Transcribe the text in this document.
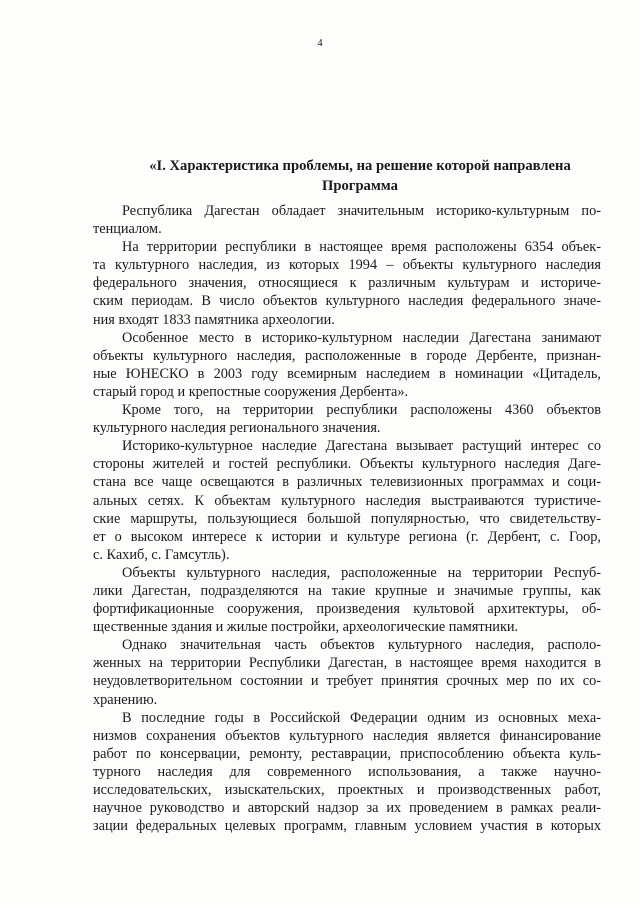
4
«I. Характеристика проблемы, на решение которой направлена
Программа
Республика Дагестан обладает значительным историко-культурным по-
тенциалом.
На территории республики в настоящее время расположены 6354 объек-
та культурного наследия, из которых 1994 – объекты культурного наследия
федерального значения, относящиеся к различным культурам и историче-
ским периодам. В число объектов культурного наследия федерального значе-
ния входят 1833 памятника археологии.
Особенное место в историко-культурном наследии Дагестана занимают
объекты культурного наследия, расположенные в городе Дербенте, признан-
ные ЮНЕСКО в 2003 году всемирным наследием в номинации «Цитадель,
старый город и крепостные сооружения Дербента».
Кроме того, на территории республики расположены 4360 объектов
культурного наследия регионального значения.
Историко-культурное наследие Дагестана вызывает растущий интерес со
стороны жителей и гостей республики. Объекты культурного наследия Даге-
стана все чаще освещаются в различных телевизионных программах и соци-
альных сетях. К объектам культурного наследия выстраиваются туристиче-
ские маршруты, пользующиеся большой популярностью, что свидетельству-
ет о высоком интересе к истории и культуре региона (г. Дербент, с. Гоор,
с. Кахиб, с. Гамсутль).
Объекты культурного наследия, расположенные на территории Респуб-
лики Дагестан, подразделяются на такие крупные и значимые группы, как
фортификационные сооружения, произведения культовой архитектуры, об-
щественные здания и жилые постройки, археологические памятники.
Однако значительная часть объектов культурного наследия, располо-
женных на территории Республики Дагестан, в настоящее время находится в
неудовлетворительном состоянии и требует принятия срочных мер по их со-
хранению.
В последние годы в Российской Федерации одним из основных меха-
низмов сохранения объектов культурного наследия является финансирование
работ по консервации, ремонту, реставрации, приспособлению объекта куль-
турного наследия для современного использования, а также научно-
исследовательских, изыскательских, проектных и производственных работ,
научное руководство и авторский надзор за их проведением в рамках реали-
зации федеральных целевых программ, главным условием участия в которых
